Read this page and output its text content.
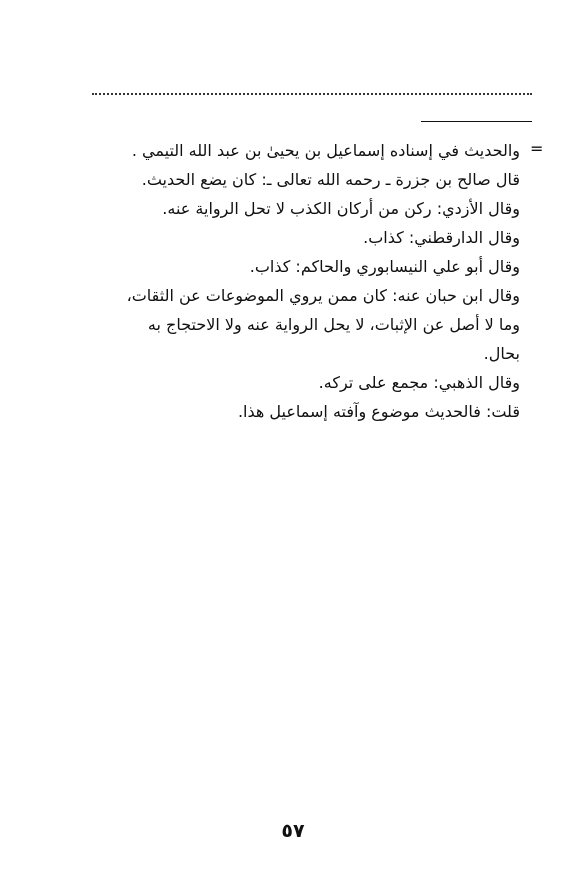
=
والحديث في إسناده إسماعيل بن يحيىٰ بن عبد الله التيمي .
قال صالح بن جزرة ـ رحمه الله تعالى ـ: كان يضع الحديث.
وقال الأزدي: ركن من أركان الكذب لا تحل الرواية عنه.
وقال الدارقطني: كذاب.
وقال أبو علي النيسابوري والحاكم: كذاب.
وقال ابن حبان عنه: كان ممن يروي الموضوعات عن الثقات،
وما لا أصل عن الإثبات، لا يحل الرواية عنه ولا الاحتجاج به
بحال.
وقال الذهبي: مجمع على تركه.
قلت: فالحديث موضوع وآفته إسماعيل هذا.
٥٧
